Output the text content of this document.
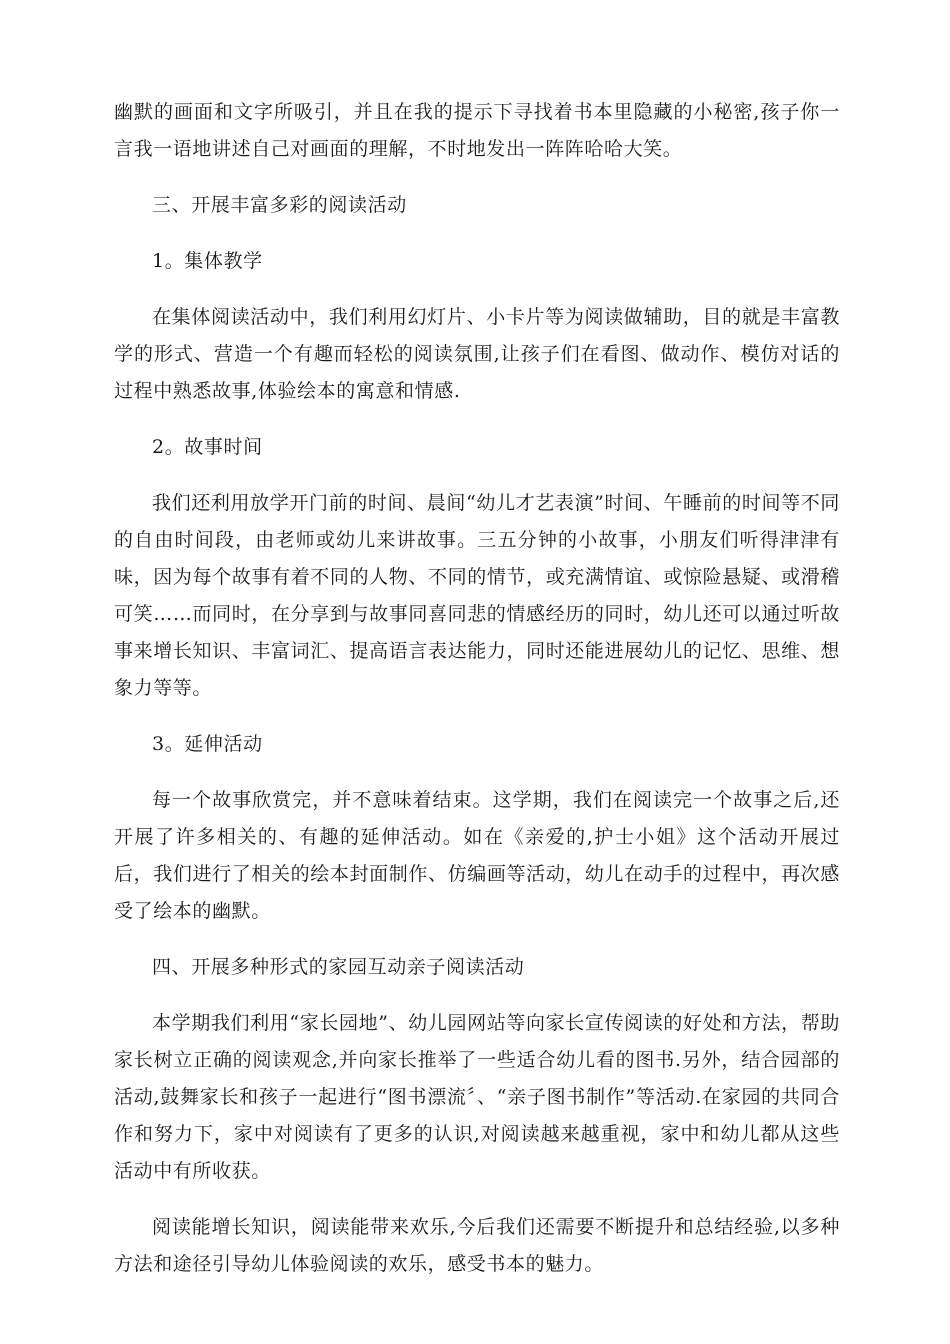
幽默的画面和文字所吸引，并且在我的提示下寻找着书本里隐藏的小秘密,孩子你一言我一语地讲述自己对画面的理解，不时地发出一阵阵哈哈大笑。

三、开展丰富多彩的阅读活动

1。集体教学

在集体阅读活动中，我们利用幻灯片、小卡片等为阅读做辅助，目的就是丰富教学的形式、营造一个有趣而轻松的阅读氛围,让孩子们在看图、做动作、模仿对话的过程中熟悉故事,体验绘本的寓意和情感.

2。故事时间

我们还利用放学开门前的时间、晨间“幼儿才艺表演”时间、午睡前的时间等不同的自由时间段，由老师或幼儿来讲故事。三五分钟的小故事，小朋友们听得津津有味，因为每个故事有着不同的人物、不同的情节，或充满情谊、或惊险悬疑、或滑稽可笑……而同时，在分享到与故事同喜同悲的情感经历的同时，幼儿还可以通过听故事来增长知识、丰富词汇、提高语言表达能力，同时还能进展幼儿的记忆、思维、想象力等等。

3。延伸活动

每一个故事欣赏完，并不意味着结束。这学期，我们在阅读完一个故事之后,还开展了许多相关的、有趣的延伸活动。如在《亲爱的,护士小姐》这个活动开展过后，我们进行了相关的绘本封面制作、仿编画等活动，幼儿在动手的过程中，再次感受了绘本的幽默。

四、开展多种形式的家园互动亲子阅读活动

本学期我们利用“家长园地”、幼儿园网站等向家长宣传阅读的好处和方法，帮助家长树立正确的阅读观念,并向家长推举了一些适合幼儿看的图书.另外，结合园部的活动,鼓舞家长和孩子一起进行“图书漂流〞、“亲子图书制作”等活动.在家园的共同合作和努力下，家中对阅读有了更多的认识,对阅读越来越重视，家中和幼儿都从这些活动中有所收获。

阅读能增长知识，阅读能带来欢乐,今后我们还需要不断提升和总结经验,以多种方法和途径引导幼儿体验阅读的欢乐，感受书本的魅力。
